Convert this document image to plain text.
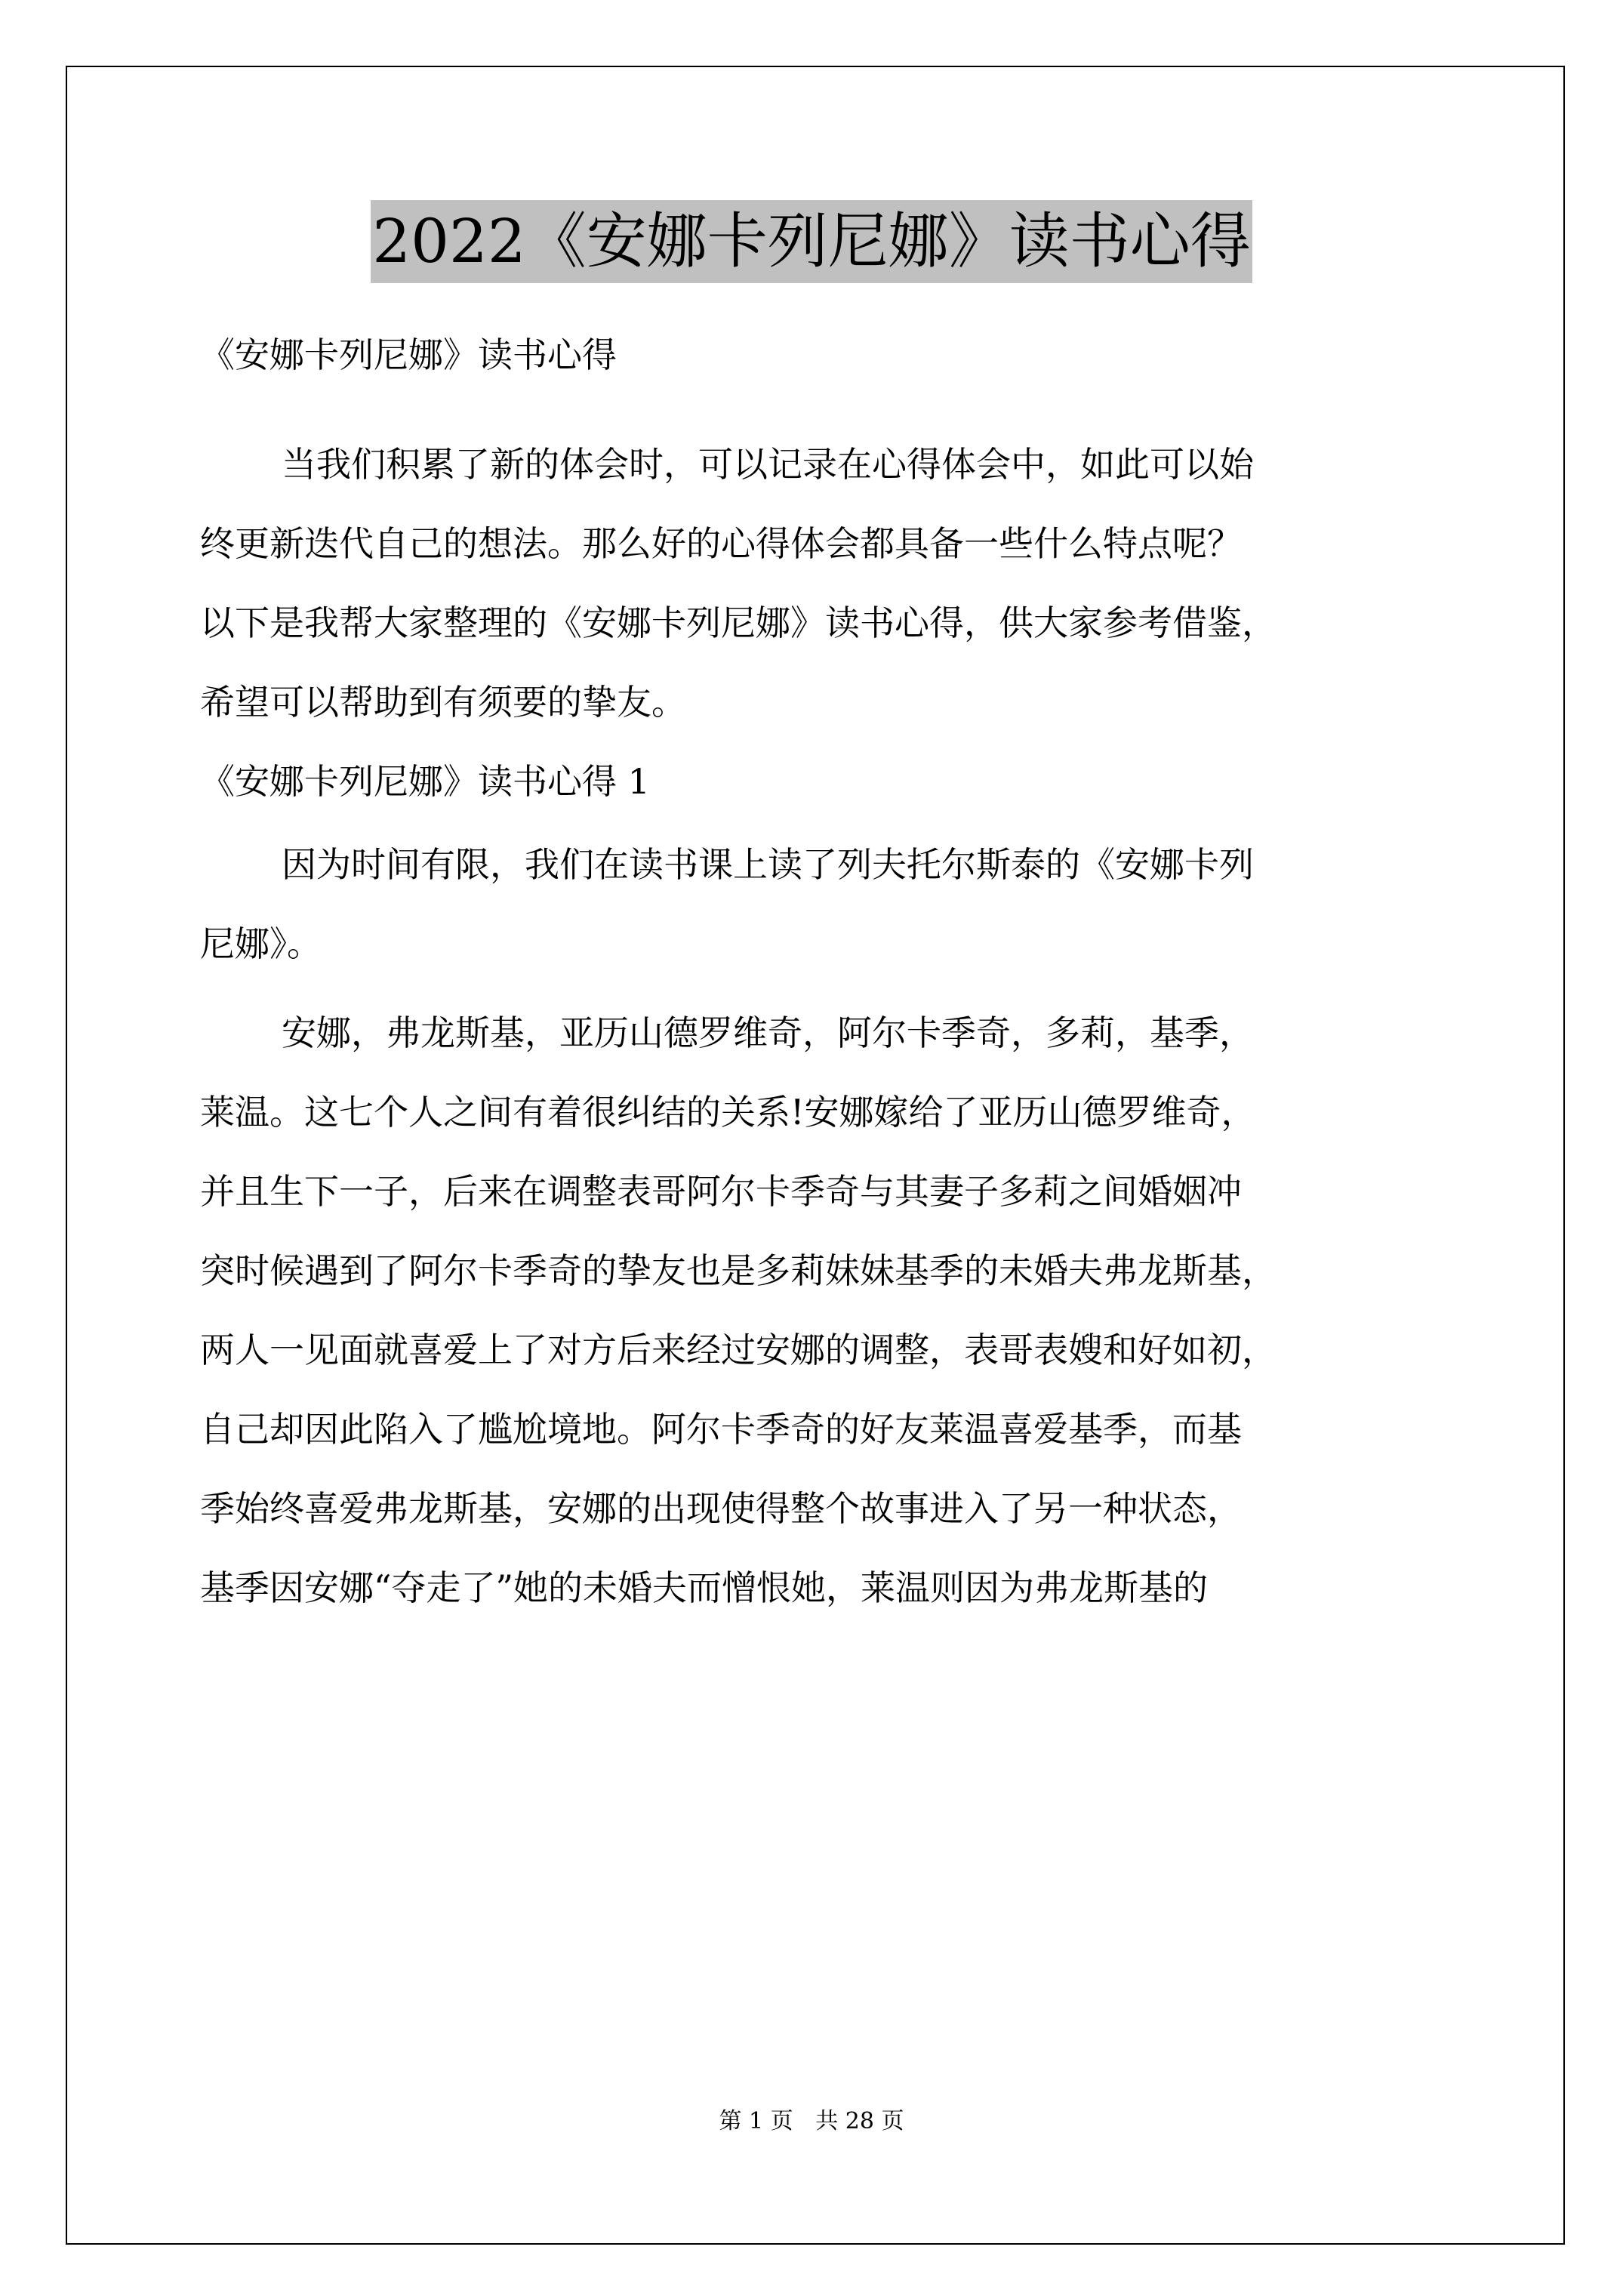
2022《安娜卡列尼娜》读书心得
《安娜卡列尼娜》读书心得
当我们积累了新的体会时，可以记录在心得体会中，如此可以始
终更新迭代自己的想法。那么好的心得体会都具备一些什么特点呢？
以下是我帮大家整理的《安娜卡列尼娜》读书心得，供大家参考借鉴，
希望可以帮助到有须要的挚友。
《安娜卡列尼娜》读书心得 1
因为时间有限，我们在读书课上读了列夫托尔斯泰的《安娜卡列
尼娜》。
安娜，弗龙斯基，亚历山德罗维奇，阿尔卡季奇，多莉，基季，
莱温。这七个人之间有着很纠结的关系!安娜嫁给了亚历山德罗维奇，
并且生下一子，后来在调整表哥阿尔卡季奇与其妻子多莉之间婚姻冲
突时候遇到了阿尔卡季奇的挚友也是多莉妹妹基季的未婚夫弗龙斯基，
两人一见面就喜爱上了对方后来经过安娜的调整，表哥表嫂和好如初，
自己却因此陷入了尴尬境地。阿尔卡季奇的好友莱温喜爱基季，而基
季始终喜爱弗龙斯基，安娜的出现使得整个故事进入了另一种状态，
基季因安娜“夺走了”她的未婚夫而憎恨她，莱温则因为弗龙斯基的
第 1 页 共 28 页
